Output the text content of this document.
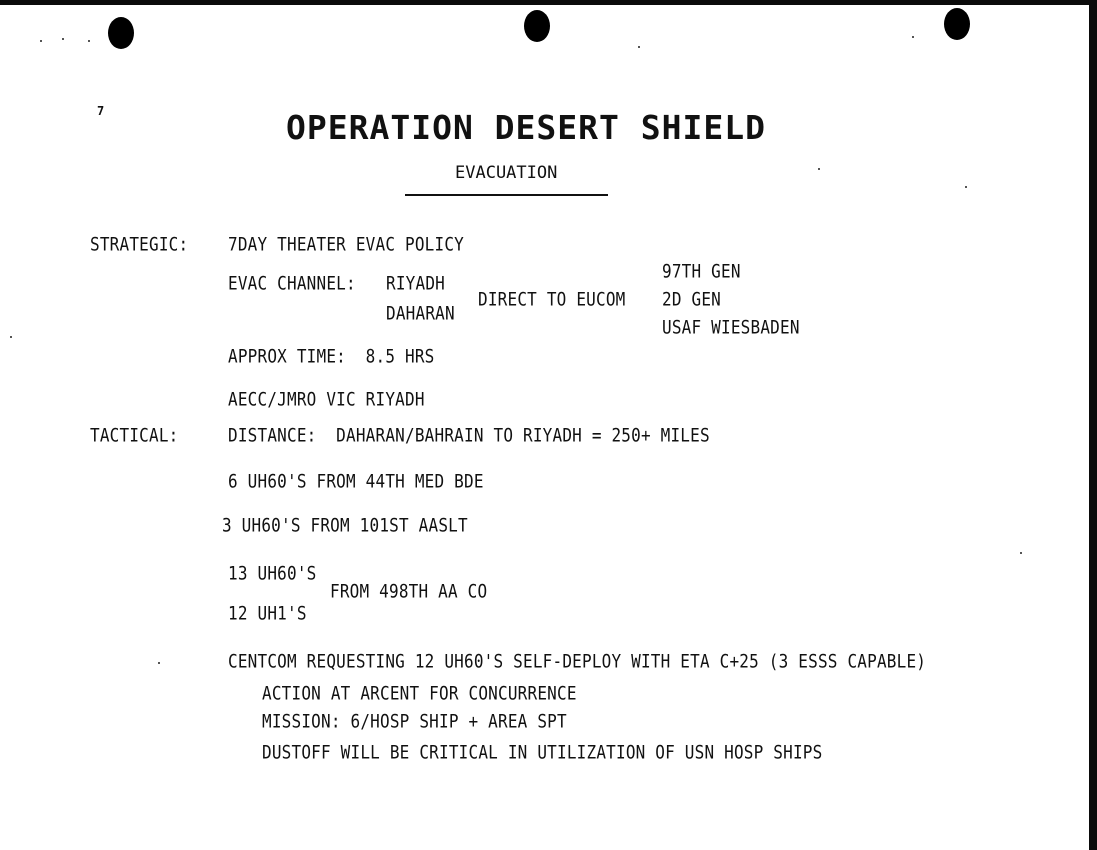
7	OPERATION DESERT SHIELD
EVACUATION
STRATEGIC: 7DAY THEATER EVAC POLICY
EVAC CHANNEL: RIYADH
DAHARAN
DIRECT TO EUCOM
97TH GEN
2D GEN
USAF WIESBADEN
APPROX TIME:  8.5 HRS
AECC/JMRO VIC RIYADH
TACTICAL:	DISTANCE:  DAHARAN/BAHRAIN TO RIYADH = 250+ MILES
6 UH60'S FROM 44TH MED BDE
3 UH60'S FROM 101ST AASLT
13 UH60'S
12 UH1'S
FROM 498TH AA CO
CENTCOM REQUESTING 12 UH60'S SELF-DEPLOY WITH ETA C+25 (3 ESSS CAPABLE)
ACTION AT ARCENT FOR CONCURRENCE
MISSION: 6/HOSP SHIP + AREA SPT
DUSTOFF WILL BE CRITICAL IN UTILIZATION OF USN HOSP SHIPS
